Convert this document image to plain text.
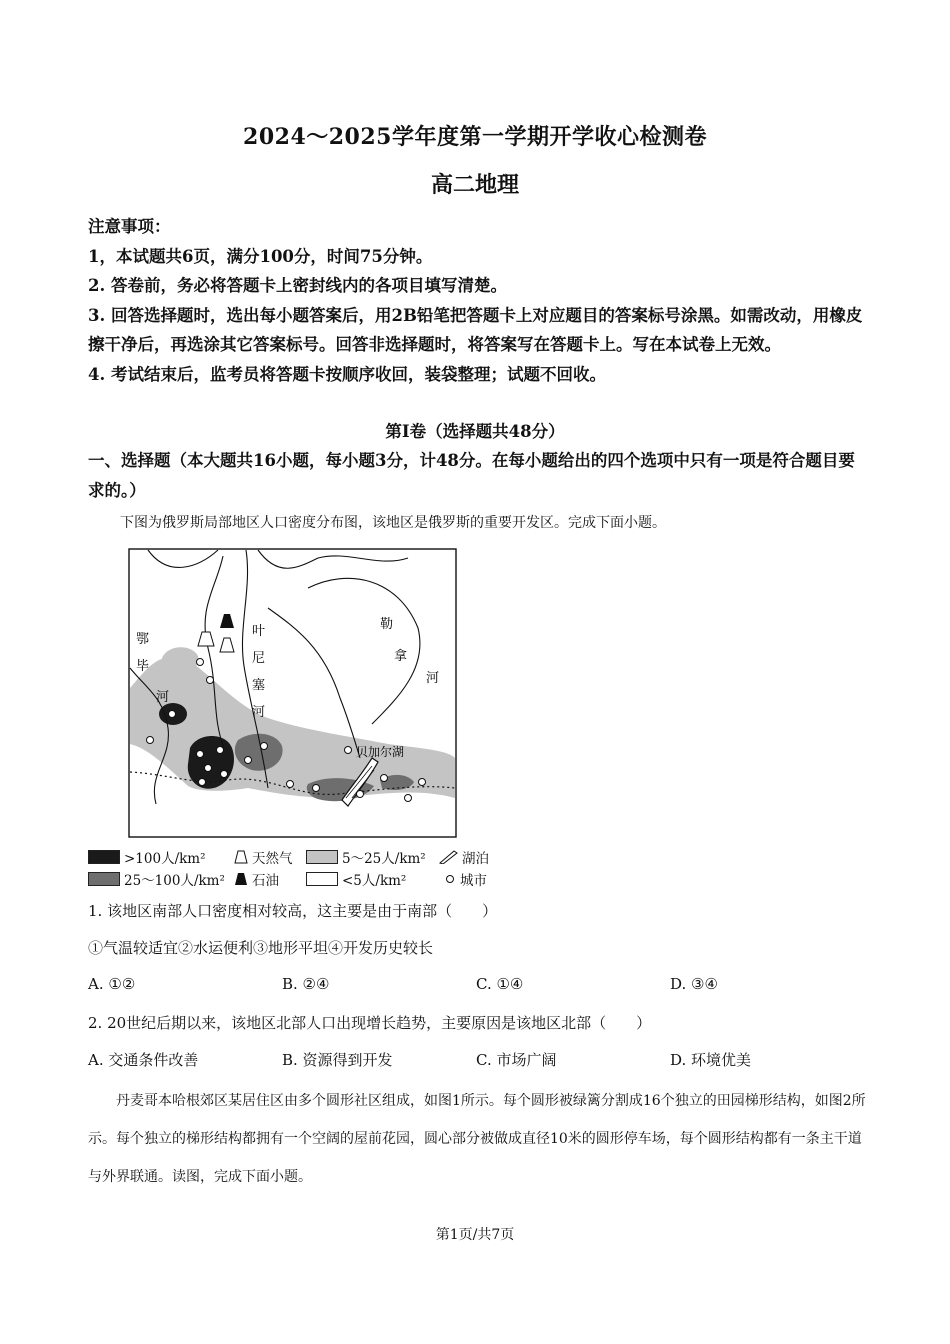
2024～2025学年度第一学期开学收心检测卷
高二地理

注意事项：

1，本试题共6页，满分100分，时间75分钟。

2. 答卷前，务必将答题卡上密封线内的各项目填写清楚。

3. 回答选择题时，选出每小题答案后，用2B铅笔把答题卡上对应题目的答案标号涂黑。如需改动，用橡皮擦干净后，再选涂其它答案标号。回答非选择题时，将答案写在答题卡上。写在本试卷上无效。

4. 考试结束后，监考员将答题卡按顺序收回，装袋整理；试题不回收。

第Ⅰ卷（选择题共48分）
一、选择题（本大题共16小题，每小题3分，计48分。在每小题给出的四个选项中只有一项是符合题目要求的。）
下图为俄罗斯局部地区人口密度分布图，该地区是俄罗斯的重要开发区。完成下面小题。
鄂
毕
河
叶
尼
塞
河
勒
拿
河
贝加尔湖
>100人/km²	天然气	5～25人/km²	湖泊
25～100人/km² 石油	<5人/km²	城市
1. 该地区南部人口密度相对较高，这主要是由于南部（　　）
①气温较适宜②水运便利③地形平坦④开发历史较长
A. ①②	B. ②④	C. ①④	D. ③④
2. 20世纪后期以来，该地区北部人口出现增长趋势，主要原因是该地区北部（　　）
A. 交通条件改善	B. 资源得到开发	C. 市场广阔	D. 环境优美

丹麦哥本哈根郊区某居住区由多个圆形社区组成，如图1所示。每个圆形被绿篱分割成16个独立的田园梯形结构，如图2所示。每个独立的梯形结构都拥有一个空阔的屋前花园，圆心部分被做成直径10米的圆形停车场，每个圆形结构都有一条主干道与外界联通。读图，完成下面小题。

第1页/共7页
